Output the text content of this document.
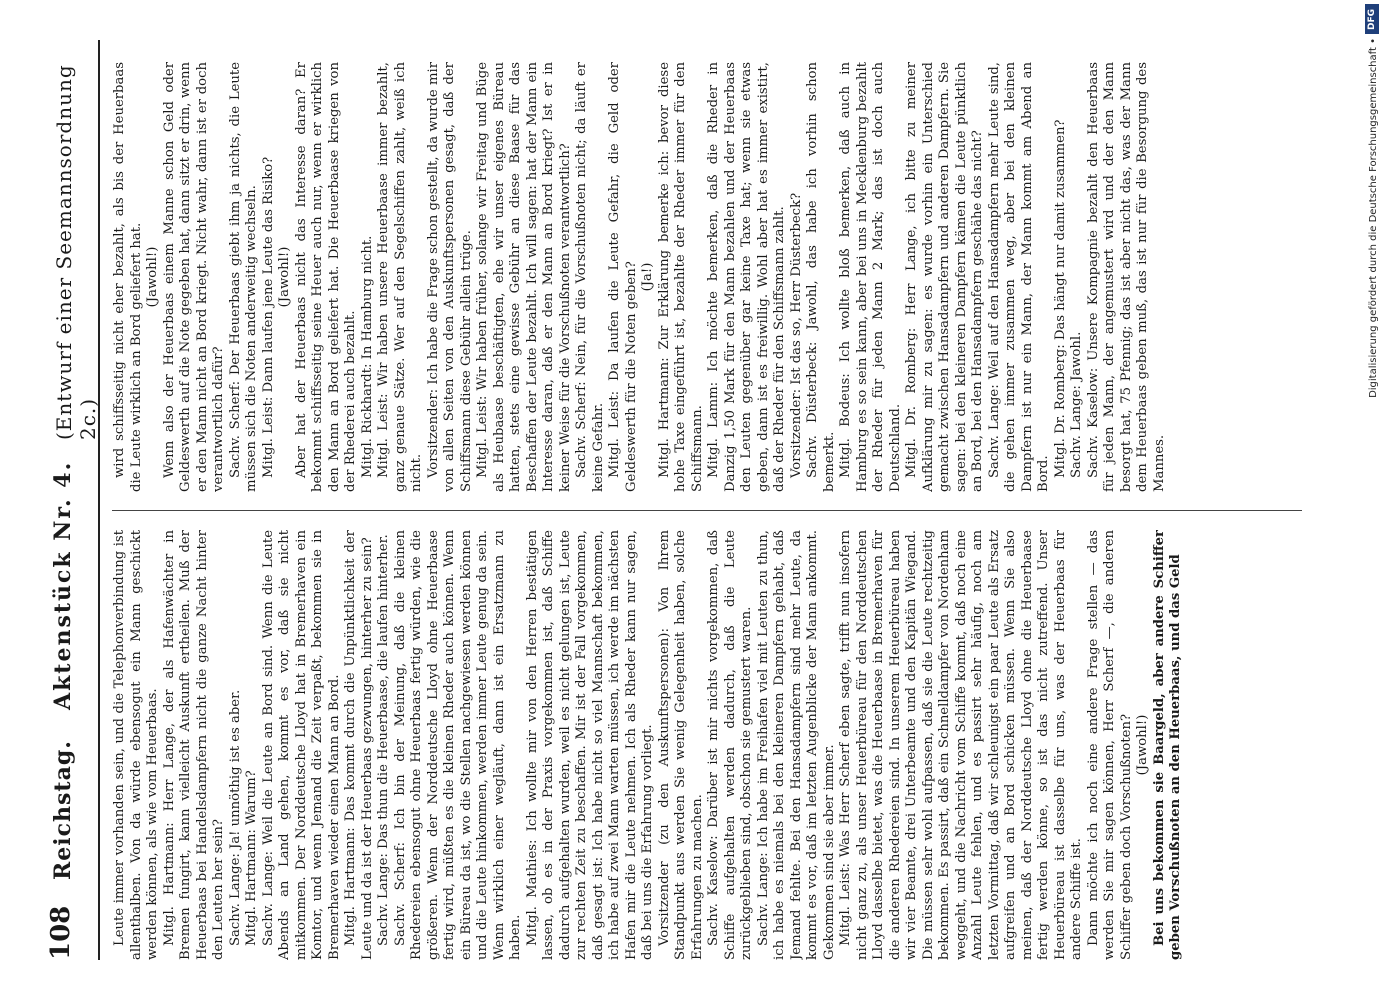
108
Reichstag.
Aktenstück Nr. 4.
(Entwurf einer Seemannsordnung 2c.)

Leute immer vorhanden sein, und die Telephonverbindung ist allenthalben. Von da würde ebensogut ein Mann geschickt werden können, als wie vom Heuerbaas. Mitgl. Hartmann: Herr Lange, der als Hafenwächter in Bremen fungirt, kann vielleicht Auskunft ertheilen. Muß der Heuerbaas bei Handelsdampfern nicht die ganze Nacht hinter den Leuten her sein? Sachv. Lange: Ja! unnöthig ist es aber. Mitgl. Hartmann: Warum? Sachv. Lange: Weil die Leute an Bord sind. Wenn die Leute Abends an Land gehen, kommt es vor, daß sie nicht mitkommen. Der Norddeutsche Lloyd hat in Bremerhaven ein Komtor, und wenn Jemand die Zeit verpaßt, bekommen sie in Bremerhaven wieder einen Mann an Bord. Mitgl. Hartmann: Das kommt durch die Unpünktlichkeit der Leute und da ist der Heuerbaas gezwungen, hinterher zu sein? Sachv. Lange: Das thun die Heuerbaase, die laufen hinterher. Sachv. Scherf: Ich bin der Meinung, daß die kleinen Rhedereien ebensogut ohne Heuerbaas fertig würden, wie die größeren. Wenn der Norddeutsche Lloyd ohne Heuerbaase fertig wird, müßten es die kleinen Rheder auch können. Wenn ein Büreau da ist, wo die Stellen nachgewiesen werden können und die Leute hinkommen, werden immer Leute genug da sein. Wenn wirklich einer wegläuft, dann ist ein Ersatzmann zu haben. Mitgl. Mathies: Ich wollte mir von den Herren bestätigen lassen, ob es in der Praxis vorgekommen ist, daß Schiffe dadurch aufgehalten wurden, weil es nicht gelungen ist, Leute zur rechten Zeit zu beschaffen. Mir ist der Fall vorgekommen, daß gesagt ist: Ich habe nicht so viel Mannschaft bekommen, ich habe auf zwei Mann warten müssen, ich werde im nächsten Hafen mir die Leute nehmen. Ich als Rheder kann nur sagen, daß bei uns die Erfahrung vorliegt. Vorsitzender (zu den Auskunftspersonen): Von Ihrem Standpunkt aus werden Sie wenig Gelegenheit haben, solche Erfahrungen zu machen. Sachv. Kaselow: Darüber ist mir nichts vorgekommen, daß Schiffe aufgehalten werden dadurch, daß die Leute zurückgeblieben sind, obschon sie gemustert waren. Sachv. Lange: Ich habe im Freihafen viel mit Leuten zu thun, ich habe es niemals bei den kleineren Dampfern gehabt, daß Jemand fehlte. Bei den Hansadampfern sind mehr Leute, da kommt es vor, daß im letzten Augenblicke der Mann ankommt. Gekommen sind sie aber immer. Mitgl. Leist: Was Herr Scherf eben sagte, trifft nun insofern nicht ganz zu, als unser Heuerbüreau für den Norddeutschen Lloyd dasselbe bietet, was die Heuerbaase in Bremerhaven für die anderen Rhedereien sind. In unserem Heuerbüreau haben wir vier Beamte, drei Unterbeamte und den Kapitän Wiegand. Die müssen sehr wohl aufpassen, daß sie die Leute rechtzeitig bekommen. Es passirt, daß ein Schnelldampfer von Nordenham weggeht, und die Nachricht vom Schiffe kommt, daß noch eine Anzahl Leute fehlen, und es passirt sehr häufig, noch am letzten Vormittag, daß wir schleunigst ein paar Leute als Ersatz aufgreifen und an Bord schicken müssen. Wenn Sie also meinen, daß der Norddeutsche Lloyd ohne die Heuerbaase fertig werden könne, so ist das nicht zutreffend. Unser Heuerbüreau ist dasselbe für uns, was der Heuerbaas für andere Schiffe ist. Dann möchte ich noch eine andere Frage stellen — das werden Sie mir sagen können, Herr Scherf —, die anderen Schiffer geben doch Vorschußnoten? (Jawohl!) Bei uns bekommen sie Baargeld, aber andere Schiffer geben Vorschußnoten an den Heuerbaas, und das Geld

wird schiffsseitig nicht eher bezahlt, als bis der Heuerbaas die Leute wirklich an Bord geliefert hat. (Jawohl!) Wenn also der Heuerbaas einem Manne schon Geld oder Geldeswerth auf die Note gegeben hat, dann sitzt er drin, wenn er den Mann nicht an Bord kriegt. Nicht wahr, dann ist er doch verantwortlich dafür? Sachv. Scherf: Der Heuerbaas giebt ihm ja nichts, die Leute müssen sich die Noten anderweitig wechseln. Mitgl. Leist: Dann laufen jene Leute das Risiko? (Jawohl!) Aber hat der Heuerbaas nicht das Interesse daran? Er bekommt schiffsseitig seine Heuer auch nur, wenn er wirklich den Mann an Bord geliefert hat. Die Heuerbaase kriegen von der Rhederei auch bezahlt. Mitgl. Rickhardt: In Hamburg nicht. Mitgl. Leist: Wir haben unsere Heuerbaase immer bezahlt, ganz genaue Sätze. Wer auf den Segelschiffen zahlt, weiß ich nicht. Vorsitzender: Ich habe die Frage schon gestellt, da wurde mir von allen Seiten von den Auskunftspersonen gesagt, daß der Schiffsmann diese Gebühr allein trüge. Mitgl. Leist: Wir haben früher, solange wir Freitag und Büge als Heubaase beschäftigten, ehe wir unser eigenes Büreau hatten, stets eine gewisse Gebühr an diese Baase für das Beschaffen der Leute bezahlt. Ich will sagen: hat der Mann ein Interesse daran, daß er den Mann an Bord kriegt? Ist er in keiner Weise für die Vorschußnoten verantwortlich? Sachv. Scherf: Nein, für die Vorschußnoten nicht; da läuft er keine Gefahr. Mitgl. Leist: Da laufen die Leute Gefahr, die Geld oder Geldeswerth für die Noten geben? (Ja!) Mitgl. Hartmann: Zur Erklärung bemerke ich: bevor diese hohe Taxe eingeführt ist, bezahlte der Rheder immer für den Schiffsmann. Mitgl. Lamm: Ich möchte bemerken, daß die Rheder in Danzig 1,50 Mark für den Mann bezahlen und der Heuerbaas den Leuten gegenüber gar keine Taxe hat; wenn sie etwas geben, dann ist es freiwillig. Wohl aber hat es immer existirt, daß der Rheder für den Schiffsmann zahlt. Vorsitzender: Ist das so, Herr Düsterbeck? Sachv. Düsterbeck: Jawohl, das habe ich vorhin schon bemerkt. Mitgl. Bodeus: Ich wollte bloß bemerken, daß auch in Hamburg es so sein kann, aber bei uns in Mecklenburg bezahlt der Rheder für jeden Mann 2 Mark; das ist doch auch Deutschland. Mitgl. Dr. Romberg: Herr Lange, ich bitte zu meiner Aufklärung mir zu sagen: es wurde vorhin ein Unterschied gemacht zwischen Hansadampfern und anderen Dampfern. Sie sagen: bei den kleineren Dampfern kämen die Leute pünktlich an Bord, bei den Hansadampfern geschähe das nicht? Sachv. Lange: Weil auf den Hansadampfern mehr Leute sind, die gehen immer zusammen weg, aber bei den kleinen Dampfern ist nur ein Mann, der Mann kommt am Abend an Bord. Mitgl. Dr. Romberg: Das hängt nur damit zusammen? Sachv. Lange: Jawohl. Sachv. Kaselow: Unsere Kompagnie bezahlt den Heuerbaas für jeden Mann, der angemustert wird und der den Mann besorgt hat, 75 Pfennig; das ist aber nicht das, was der Mann dem Heuerbaas geben muß, das ist nur für die Besorgung des Mannes.

DFG
Digitalisierung gefördert durch die Deutsche Forschungsgemeinschaft •
